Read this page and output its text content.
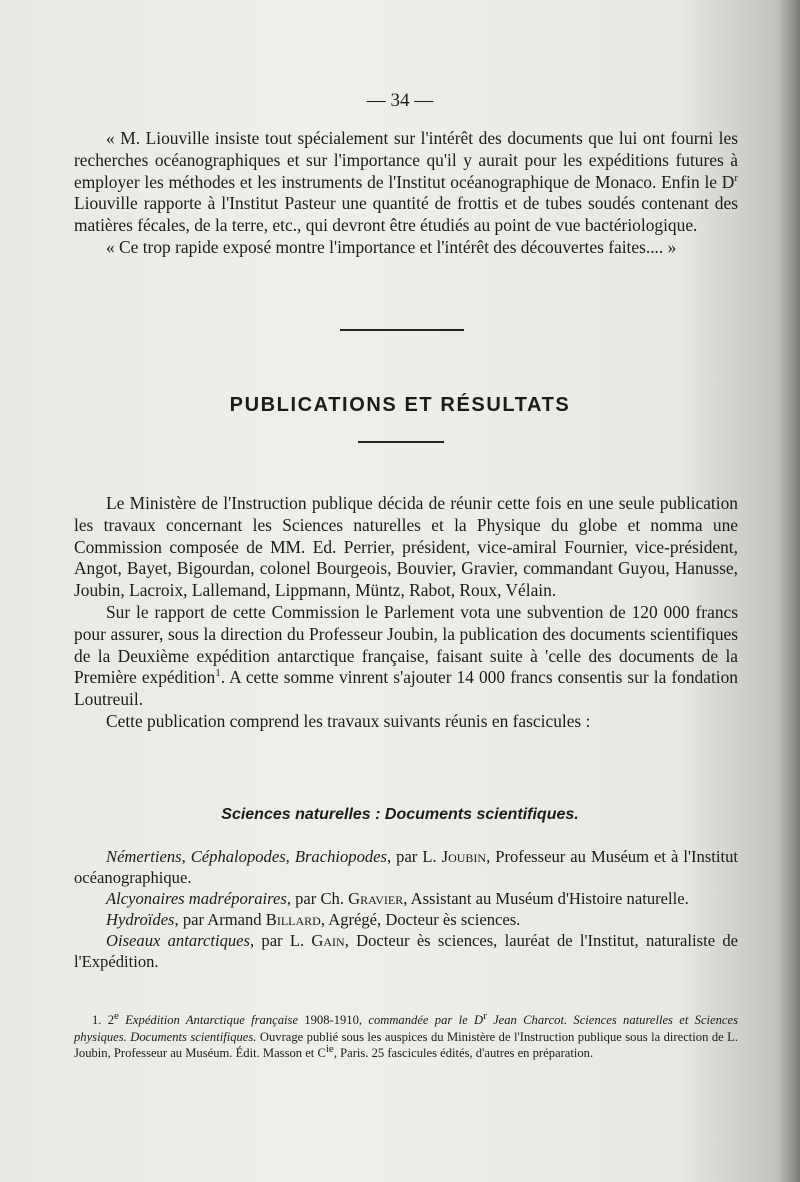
— 34 —

« M. Liouville insiste tout spécialement sur l'intérêt des documents que lui ont fourni les recherches océanographiques et sur l'importance qu'il y aurait pour les expéditions futures à employer les méthodes et les instruments de l'Institut océanographique de Monaco. Enfin le $D^r$ Liouville rapporte à l'Institut Pasteur une quantité de frottis et de tubes soudés contenant des matières fécales, de la terre, etc., qui devront être étudiés au point de vue bactériologique.

« Ce trop rapide exposé montre l'importance et l'intérêt des découvertes faites.... »

PUBLICATIONS ET RÉSULTATS

Le Ministère de l'Instruction publique décida de réunir cette fois en une seule publication les travaux concernant les Sciences naturelles et la Physique du globe et nomma une Commission composée de MM. Ed. Perrier, président, vice-amiral Fournier, vice-président, Angot, Bayet, Bigourdan, colonel Bourgeois, Bouvier, Gravier, commandant Guyou, Hanusse, Joubin, Lacroix, Lallemand, Lippmann, Müntz, Rabot, Roux, Vélain.

Sur le rapport de cette Commission le Parlement vota une subvention de 120 000 francs pour assurer, sous la direction du Professeur Joubin, la publication des documents scientifiques de la Deuxième expédition antarctique française, faisant suite à 'celle des documents de la Première expédition$^1$. A cette somme vinrent s'ajouter 14 000 francs consentis sur la fondation Loutreuil.

Cette publication comprend les travaux suivants réunis en fascicules :

Sciences naturelles : Documents scientifiques.

Némertiens, Céphalopodes, Brachiopodes, par L. Joubin, Professeur au Muséum et à l'Institut océanographique.

Alcyonaires madréporaires, par Ch. Gravier, Assistant au Muséum d'Histoire naturelle.

Hydroïdes, par Armand Billard, Agrégé, Docteur ès sciences.

Oiseaux antarctiques, par L. Gain, Docteur ès sciences, lauréat de l'Institut, naturaliste de l'Expédition.

1. 2e Expédition Antarctique française 1908-1910, commandée par le $D^r$ Jean Charcot. Sciences naturelles et Sciences physiques. Documents scientifiques. Ouvrage publié sous les auspices du Ministère de l'Instruction publique sous la direction de L. Joubin, Professeur au Muséum. Édit. Masson et $C^{ie}$, Paris. 25 fascicules édités, d'autres en préparation.
